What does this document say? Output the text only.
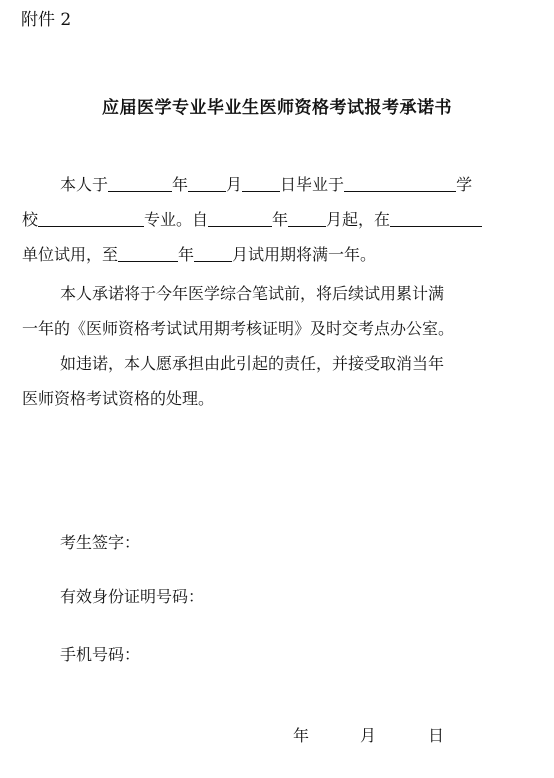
附件 2
应届医学专业毕业生医师资格考试报考承诺书
本人于	年 月 日毕业于	学
校	专业。自	年 月起，在
单位试用，至	年 月试用期将满一年。
本人承诺将于今年医学综合笔试前，将后续试用累计满
一年的《医师资格考试试用期考核证明》及时交考点办公室。
如违诺，本人愿承担由此引起的责任，并接受取消当年
医师资格考试资格的处理。
考生签字：
有效身份证明号码：
手机号码：
年	月	日
